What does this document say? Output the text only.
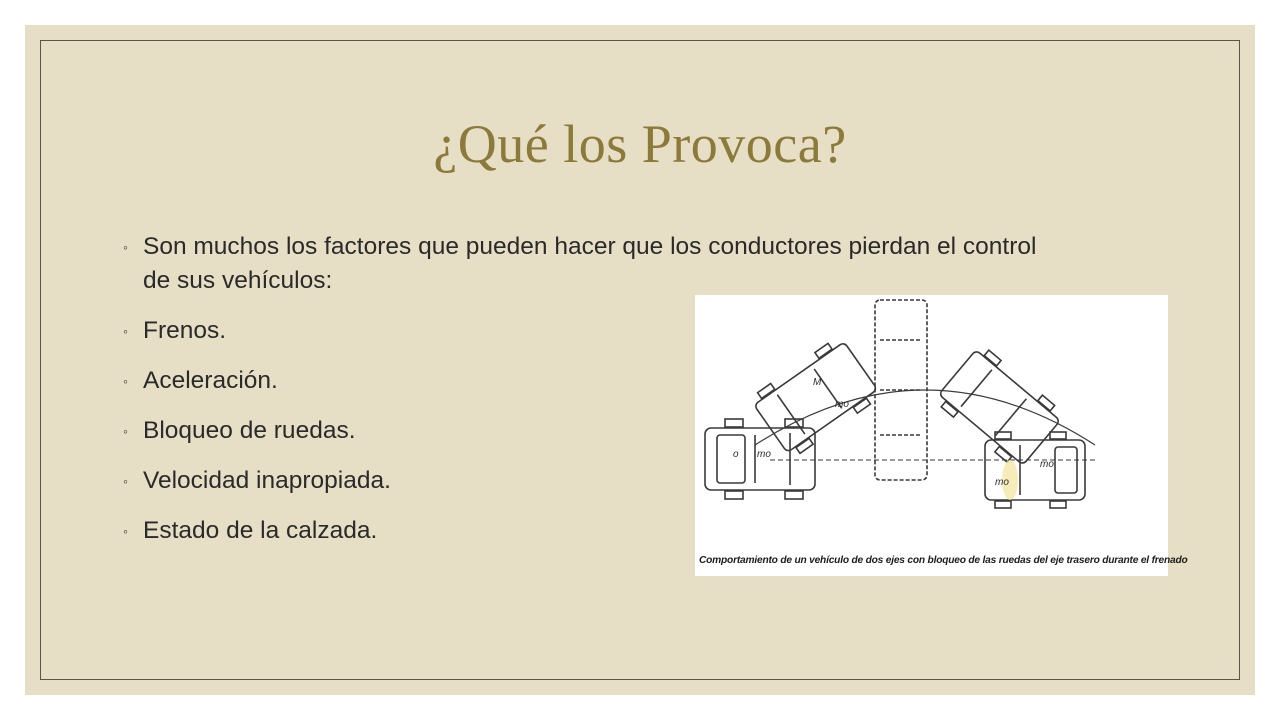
¿Qué los Provoca?
◦ Son muchos los factores que pueden hacer que los conductores pierdan el control de sus vehículos:
◦ Frenos.
◦ Aceleración.
◦ Bloqueo de ruedas.
◦ Velocidad inapropiada.
◦ Estado de la calzada.
o mo
mo
M
mo
mo
Comportamiento de un vehículo de dos ejes con bloqueo de las ruedas del eje trasero durante el frenado
